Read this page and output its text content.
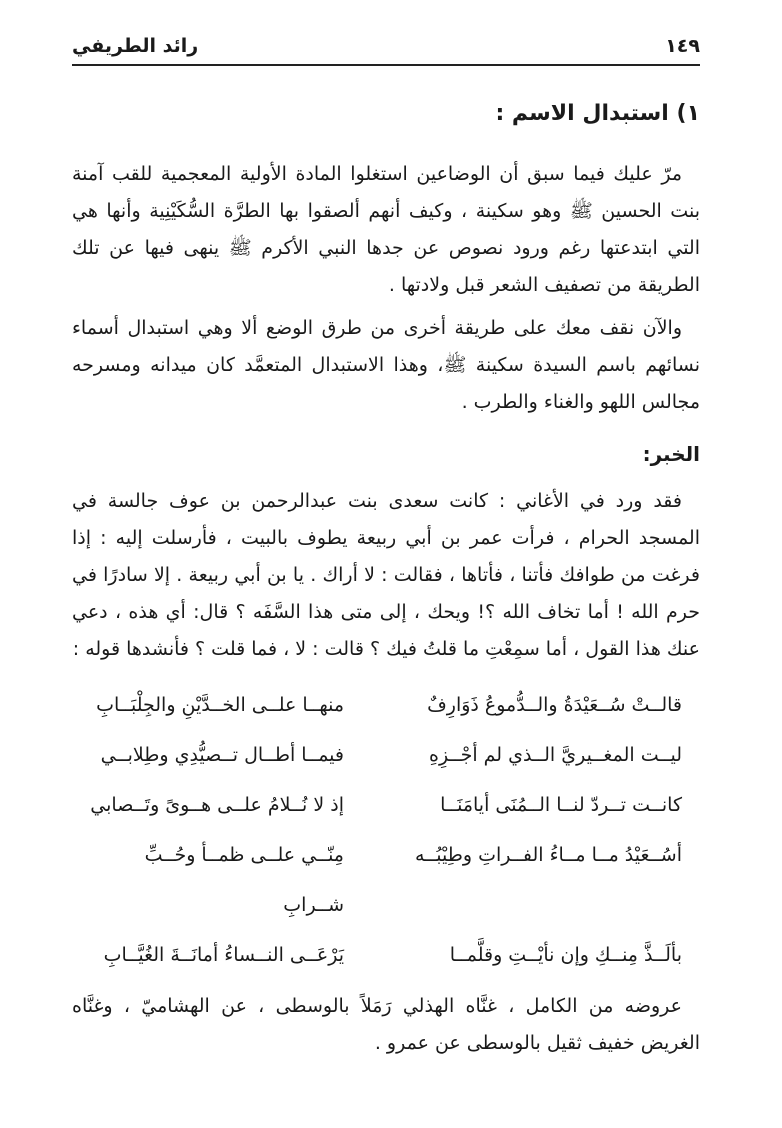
١٤٩
رائد الطريفي
١) استبدال الاسم :

مرّ عليك فيما سبق أن الوضاعين استغلوا المادة الأولية المعجمية للقب آمنة بنت الحسين ﷺ وهو سكينة ، وكيف أنهم ألصقوا بها الطرَّة السُّكَيْنِية وأنها هي التي ابتدعتها رغم ورود نصوص عن جدها النبي الأكرم ﷺ ينهى فيها عن تلك الطريقة من تصفيف الشعر قبل ولادتها .

والآن نقف معك على طريقة أخرى من طرق الوضع ألا وهي استبدال أسماء نسائهم باسم السيدة سكينة ﷺ، وهذا الاستبدال المتعمَّد كان ميدانه ومسرحه مجالس اللهو والغناء والطرب .

الخبر:

فقد ورد في الأغاني : كانت سعدى بنت عبدالرحمن بن عوف جالسة في المسجد الحرام ، فرأت عمر بن أبي ربيعة يطوف بالبيت ، فأرسلت إليه : إذا فرغت من طوافك فأتنا ، فأتاها ، فقالت : لا أراك . يا بن أبي ربيعة . إلا سادرًا في حرم الله ! أما تخاف الله ؟! ويحك ، إلى متى هذا السَّفَه ؟ قال: أي هذه ، دعي عنك هذا القول ، أما سمِعْتِ ما قلتُ فيك ؟ قالت : لا ، فما قلت ؟ فأنشدها قوله :

قالــتْ سُــعَيْدَةُ والــدُّموعُ ذَوَارِفٌ
منهــا علــى الخــدَّيْنِ والجِلْبَــابِ
ليــت المغــيريَّ الــذي لم أجْــزِهِ
فيمــا أطــال تــصيُّدِي وطِلابــي
كانــت تــردّ لنــا الــمُنَى أيامَنَــا
إذ لا نُــلامُ علــى هــوىً وتَــصابي
أسُــعَيْدُ مــا مــاءُ الفــراتِ وطِيْبُــه
مِنّــي علــى ظمــأ وحُــبِّ شــرابِ
بألَــذَّ مِنــكِ وإن نأيْــتِ وقلَّمــا
يَرْعَــى النــساءُ أمانَــةَ الغُيَّــابِ

عروضه من الكامل ، غنَّاه الهذلي رَمَلاً بالوسطى ، عن الهشاميّ ، وغنَّاه الغريض خفيف ثقيل بالوسطى عن عمرو .
